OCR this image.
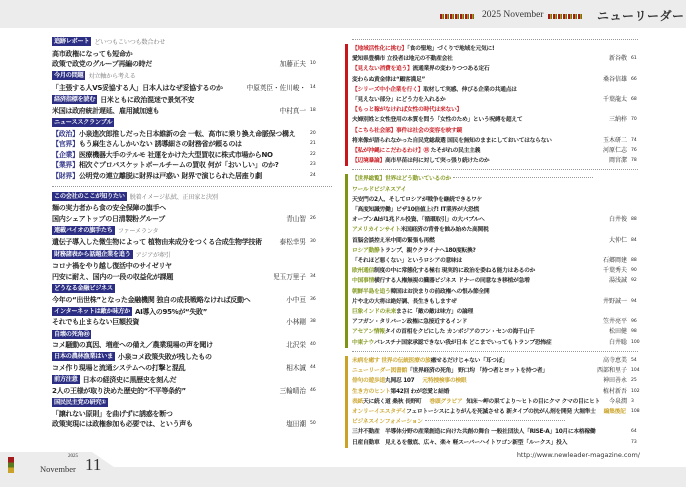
2025 November	ニューリーダー
追跡レポート どいつもこいつも数合わせ
高市政権になっても短命か
政策で政党のグループ再編の時だ	加藤正夫 10
今月の問題 対立軸から考える
「主張する人VS妥協する人」日本人はなぜ妥協するのか	中原英臣・佐川峻・ 14
経済指標を読む 日米ともに政治混迷で景気不安
米国は政府統計遅延、雇用減加速も	中村真一 18
ニューススクランブル
【政治】小泉進次郎推しだった日本維新の会 一転、高市に乗り換え命脈保つ構え	20
【官界】もう麻生さんしかいない 誘導細さの財務省が頼るのは	21
【企業】医療機器大手のテルモ 社運をかけた大型買収に株式市場からNO	22
【業界】相次ぐプロバスケットボールチームの買収 何が「おいしい」のか?	23
【財界】公明党の連立離脱に財界は戸惑い 財界で演じられた居座り劇	24
この会社のここが知りたい 脱着イメージ払拭、正田家と決別
麺の実力者から食の安全保障の旗手へ
国内シェアトップの日清製粉グループ	青山智 26
連載バイオの旗手たち ファーメランタ
遺伝子導入した微生物によって 植物由来成分をつくる合成生物学技術	泰松幸男 30
財務諸表から話題企業を追う アジアが牽引
コロナ禍をやり越し復活中のサイゼリヤ
円安に耐え、国内の一段の収益化が課題	児玉万里子 34
どうなる金融ビジネス
今年の“出世株”となった金融機関 独自の成長戦略なければ反動へ	小中亘 36
インターネットは敵か味方か AI導入の95%が“失敗”
それでも止まらない巨額投資	小林剛 38
自壊の死角㊾
コメ騒動の真因、増産への備え／農業現場の声を聞け	北沢栄 40
日本の農林漁業はいま 小泉コメ政策失敗が残したもの
コメ作り現場と流通システムへの打撃と混乱	相木誠 44
前方注意 日本の経済史に黒歴史を刻んだ
2人の王様が取り決めた歴史的“不平等条約”	三輪晴治 46
国民民主党の研究①
「譲れない原則」を曲げずに誘惑を断つ
政策実現には政権参加も必要では、という声も	塩田潮 50
【地域活性化に挑む】「食の聖地」づくりで地域を元気に!
愛知県豊橋市 立役者は地元の不動産会社	新谷敬 61
【見えない消費を追う】流通業界の変わりつつある定石
変わらぬ黄金律は“顧客満足”	桑谷信雄 66
【シリーズ中小企業を行く】取材して実感、伸びる企業の共通点は
「見えない部分」にどう力を入れるか	千葉龍太 68
【もっと稼がなければ女性の時代は来ない】
夫婦別姓と女性登用の本質を問う「女性のため」という呪縛を超えて	三納梓 70
【こちら社会部】事件は社会の変容を映す鏡
将来像が語られなかった自民党総裁選 国民を無知のままにしておいてはならない	玉木研二 74
【私が沖縄にこだわるわけ】⑱ たそがれの民主主義	河原仁志 76
【辺境暴論】高市早苗は何に対して突っ張り続けたのか	岡宮潔 78
【世界総覧】世界はどう動いているのか
ワールドビジネスアイ
天安門の2人、そしてロシアが戦争を継続できるワケ
「高度知識労働」ビザ10倍値上げ! IT業界が大恐慌
オープンAIが1兆ドル投資、「循環取引」の大バブルへ	白井俊 88
アメリカインサイト米国経済の背骨を蝕み始めた高関税
首脳会談控え米中間の緊張も再燃	大仲仁 84
ロシア動静トランプ、親ウクライナへ180度転換?
「それほど悪くない」というロシアの意味は	石郷岡建 88
欧州通信制度の中に常態化する極右 現実的に政治を委ねる能力はあるのか	千葉秀夫 90
中国事情横行する人権無視の臓器ビジネス ドナーの同意なき移植が急増	湯浅誠 92
朝鮮半島を追う韓国はお決まりの前政権への恨み節全開
片や北の大将は絶好調、長生きもしますぜ	井野誠一 94
巨象インドの未来まさに「敵の敵は味方」の論理
アフガン・タリバーン政権に急接近するインド	笠井亮平 96
アセアン情報タイの首相をクビにした カンボジアのフン・センの海千山千	松田健 98
中東ナウパレスチナ国家承認できない我が日本 どこまでいってもトランプ恐怖症	白井聡 100
未病を癒す 世界の伝統医療の旅癒せるだけじゃない「耳つぼ」	高寺恵美 54
ニューリーダー図書館「世界経済の死角」 野口均 「持つ者とヨットを持つ者」	西部和里子 104
俳句の遊歩道丸岡忍 107 元特捜検事の検眼	神田善永 25
生き方のヒント第42回 わが恋愛と結婚	植村新吾 102
表紙天に続く道 桑秋 長野町 巻頭グラビア 知床～岬の果てより～ヒトの目にクマ クマの目にヒト	今泉潤 3
オンリーイエスタデイフェロトーシスによりがんを死滅させる 新タイプの抗がん剤を開発 大堀隼士 編集後記	108
ビジネスインフォメーション
三井不動産　半導体分野の産業創造に向けた共創の舞台 一般社団法人「RISE-A」10月に本格稼働	64
日産自動車　見えるを徹底、広々、楽々 軽スーパーハイトワゴン新型「ルークス」投入	73
http://www.newleader-magazine.com/
2025
November 11
